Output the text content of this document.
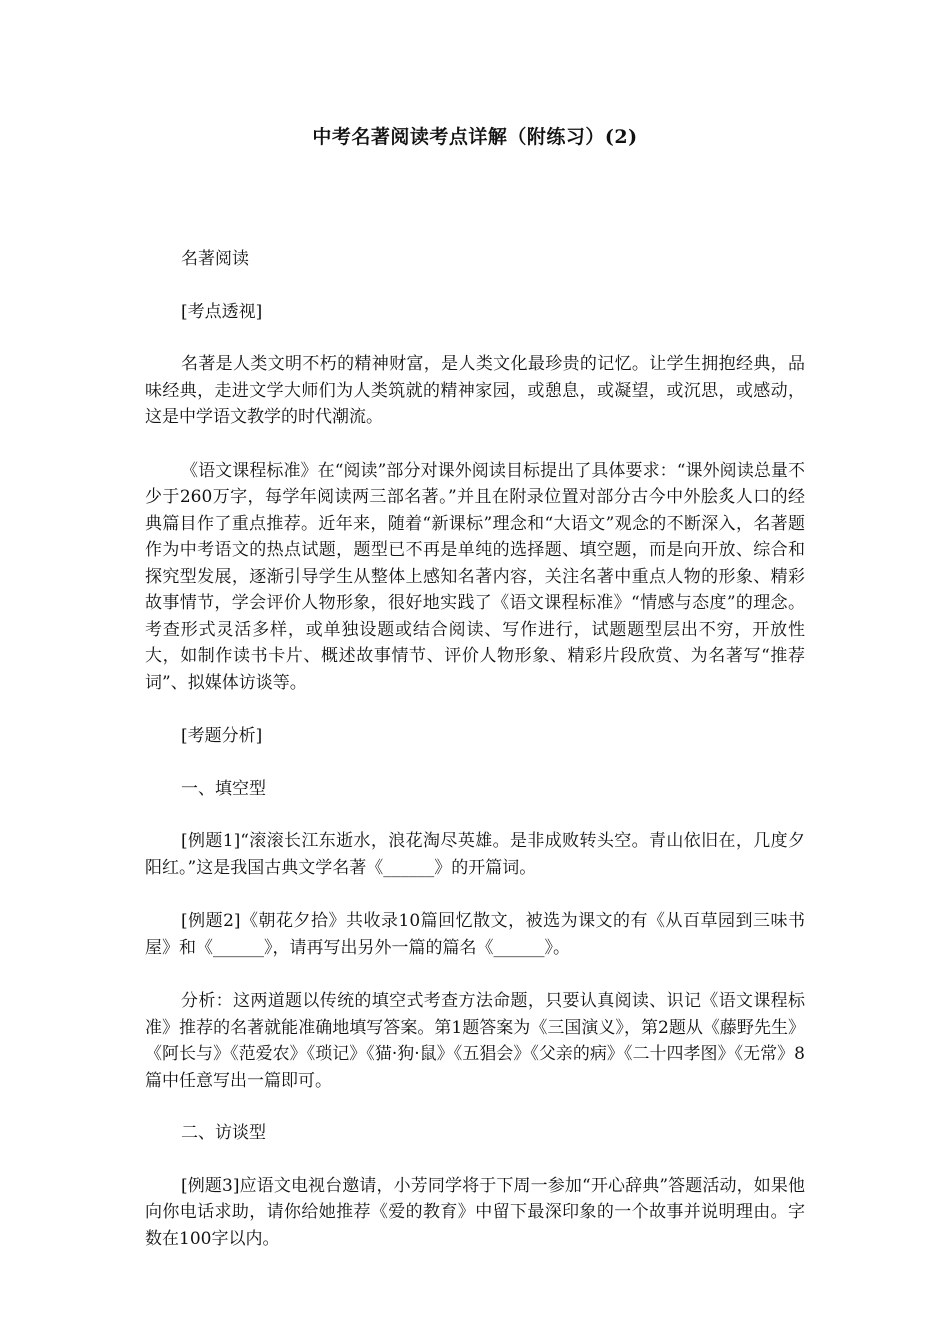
中考名著阅读考点详解（附练习）(2)

名著阅读

[考点透视]

名著是人类文明不朽的精神财富，是人类文化最珍贵的记忆。让学生拥抱经典，品味经典，走进文学大师们为人类筑就的精神家园，或憩息，或凝望，或沉思，或感动，这是中学语文教学的时代潮流。

《语文课程标准》在“阅读”部分对课外阅读目标提出了具体要求：“课外阅读总量不少于260万字，每学年阅读两三部名著。”并且在附录位置对部分古今中外脍炙人口的经典篇目作了重点推荐。近年来，随着“新课标”理念和“大语文”观念的不断深入，名著题作为中考语文的热点试题，题型已不再是单纯的选择题、填空题，而是向开放、综合和探究型发展，逐渐引导学生从整体上感知名著内容，关注名著中重点人物的形象、精彩故事情节，学会评价人物形象，很好地实践了《语文课程标准》“情感与态度”的理念。考查形式灵活多样，或单独设题或结合阅读、写作进行，试题题型层出不穷，开放性大，如制作读书卡片、概述故事情节、评价人物形象、精彩片段欣赏、为名著写“推荐词”、拟媒体访谈等。

[考题分析]

一、填空型

[例题1]“滚滚长江东逝水，浪花淘尽英雄。是非成败转头空。青山依旧在，几度夕阳红。”这是我国古典文学名著《______》的开篇词。

[例题2]《朝花夕拾》共收录10篇回忆散文，被选为课文的有《从百草园到三味书屋》和《______》，请再写出另外一篇的篇名《______》。

分析：这两道题以传统的填空式考查方法命题，只要认真阅读、识记《语文课程标准》推荐的名著就能准确地填写答案。第1题答案为《三国演义》，第2题从《藤野先生》《阿长与》《范爱农》《琐记》《猫·狗·鼠》《五猖会》《父亲的病》《二十四孝图》《无常》8篇中任意写出一篇即可。

二、访谈型

[例题3]应语文电视台邀请，小芳同学将于下周一参加“开心辞典”答题活动，如果他向你电话求助，请你给她推荐《爱的教育》中留下最深印象的一个故事并说明理由。字数在100字以内。
